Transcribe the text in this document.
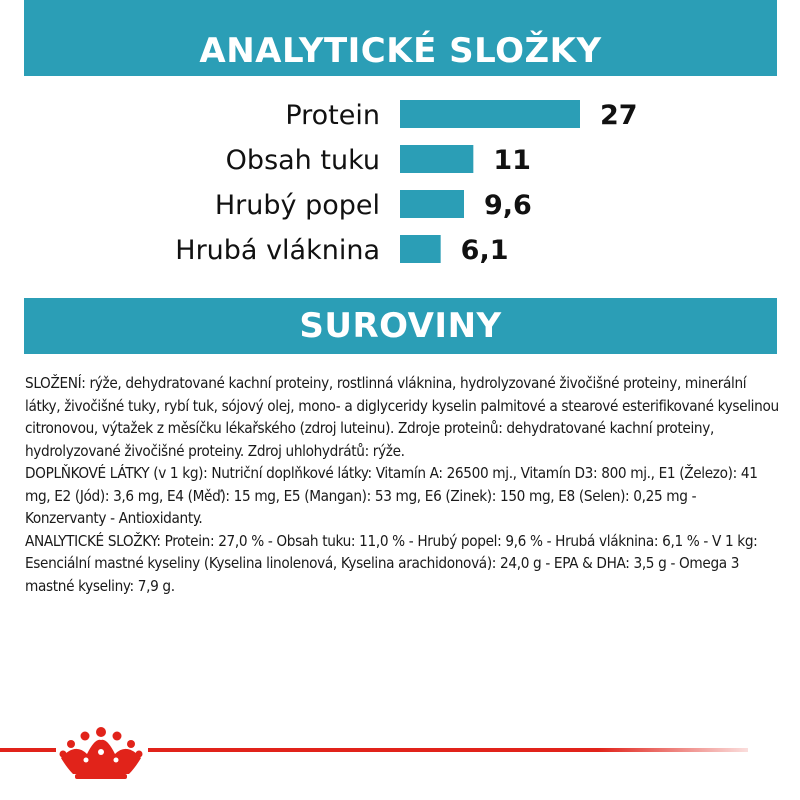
ANALYTICKÉ SLOŽKY
Protein	27
Obsah tuku	11
Hrubý popel	9,6
Hrubá vláknina	6,1
SUROVINY

SLOŽENÍ: rýže, dehydratované kachní proteiny, rostlinná vláknina, hydrolyzované živočišné proteiny, minerální látky, živočišné tuky, rybí tuk, sójový olej, mono- a diglyceridy kyselin palmitové a stearové esterifikované kyselinou citronovou, výtažek z měsíčku lékařského (zdroj luteinu). Zdroje proteinů: dehydratované kachní proteiny, hydrolyzované živočišné proteiny. Zdroj uhlohydrátů: rýže.

DOPLŇKOVÉ LÁTKY (v 1 kg): Nutriční doplňkové látky: Vitamín A: 26500 mj., Vitamín D3: 800 mj., E1 (Železo): 41 mg, E2 (Jód): 3,6 mg, E4 (Měď): 15 mg, E5 (Mangan): 53 mg, E6 (Zinek): 150 mg, E8 (Selen): 0,25 mg - Konzervanty - Antioxidanty.

ANALYTICKÉ SLOŽKY: Protein: 27,0 % - Obsah tuku: 11,0 % - Hrubý popel: 9,6 % - Hrubá vláknina: 6,1 % - V 1 kg: Esenciální mastné kyseliny (Kyselina linolenová, Kyselina arachidonová): 24,0 g - EPA & DHA: 3,5 g - Omega 3 mastné kyseliny: 7,9 g.
